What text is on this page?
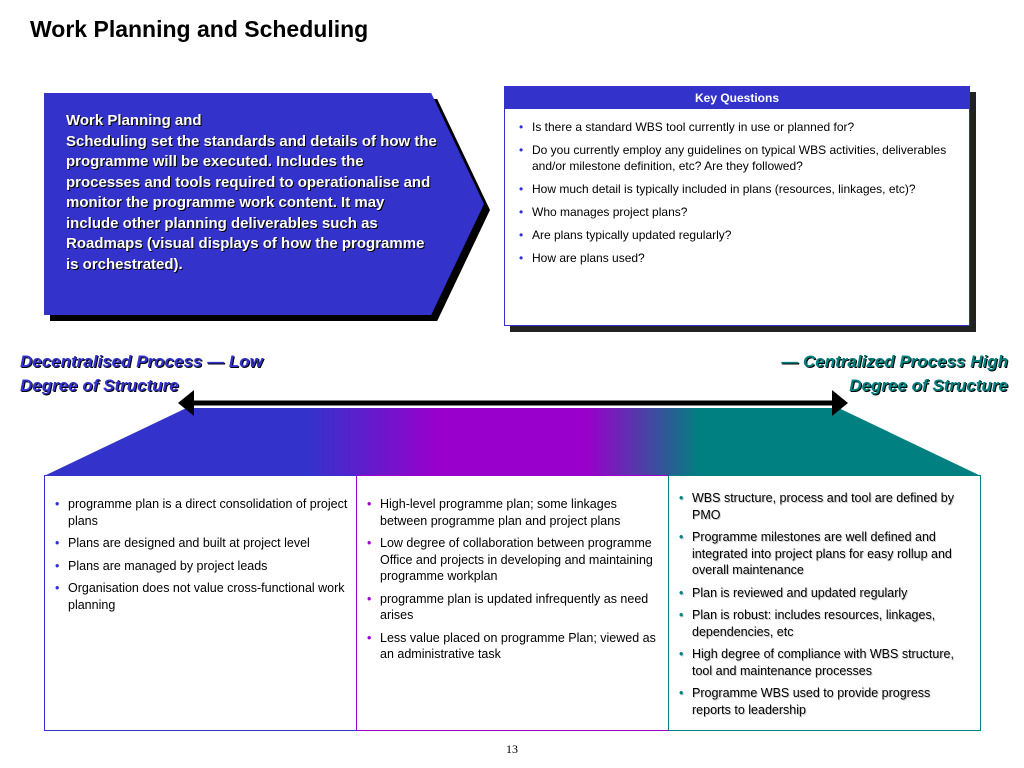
Work Planning and Scheduling
Work Planning and
Scheduling set the standards and details of how the programme will be executed. Includes the processes and tools required to operationalise and monitor the programme work content. It may include other planning deliverables such as Roadmaps (visual displays of how the programme is orchestrated).
Key Questions
• Is there a standard WBS tool currently in use or planned for?
• Do you currently employ any guidelines on typical WBS activities, deliverables and/or milestone definition, etc? Are they followed?
• How much detail is typically included in plans (resources, linkages, etc)?
• Who manages project plans?
• Are plans typically updated regularly?
• How are plans used?
Decentralised Process — Low Degree of Structure
— Centralized Process High Degree of Structure
• programme plan is a direct consolidation of project plans
• Plans are designed and built at project level
• Plans are managed by project leads
• Organisation does not value cross-functional work planning
• High-level programme plan; some linkages between programme plan and project plans
• Low degree of collaboration between programme Office and projects in developing and maintaining programme workplan
• programme plan is updated infrequently as need arises
• Less value placed on programme Plan; viewed as an administrative task
• WBS structure, process and tool are defined by PMO
• Programme milestones are well defined and integrated into project plans for easy rollup and overall maintenance
• Plan is reviewed and updated regularly
• Plan is robust: includes resources, linkages, dependencies, etc
• High degree of compliance with WBS structure, tool and maintenance processes
• Programme WBS used to provide progress reports to leadership
13
